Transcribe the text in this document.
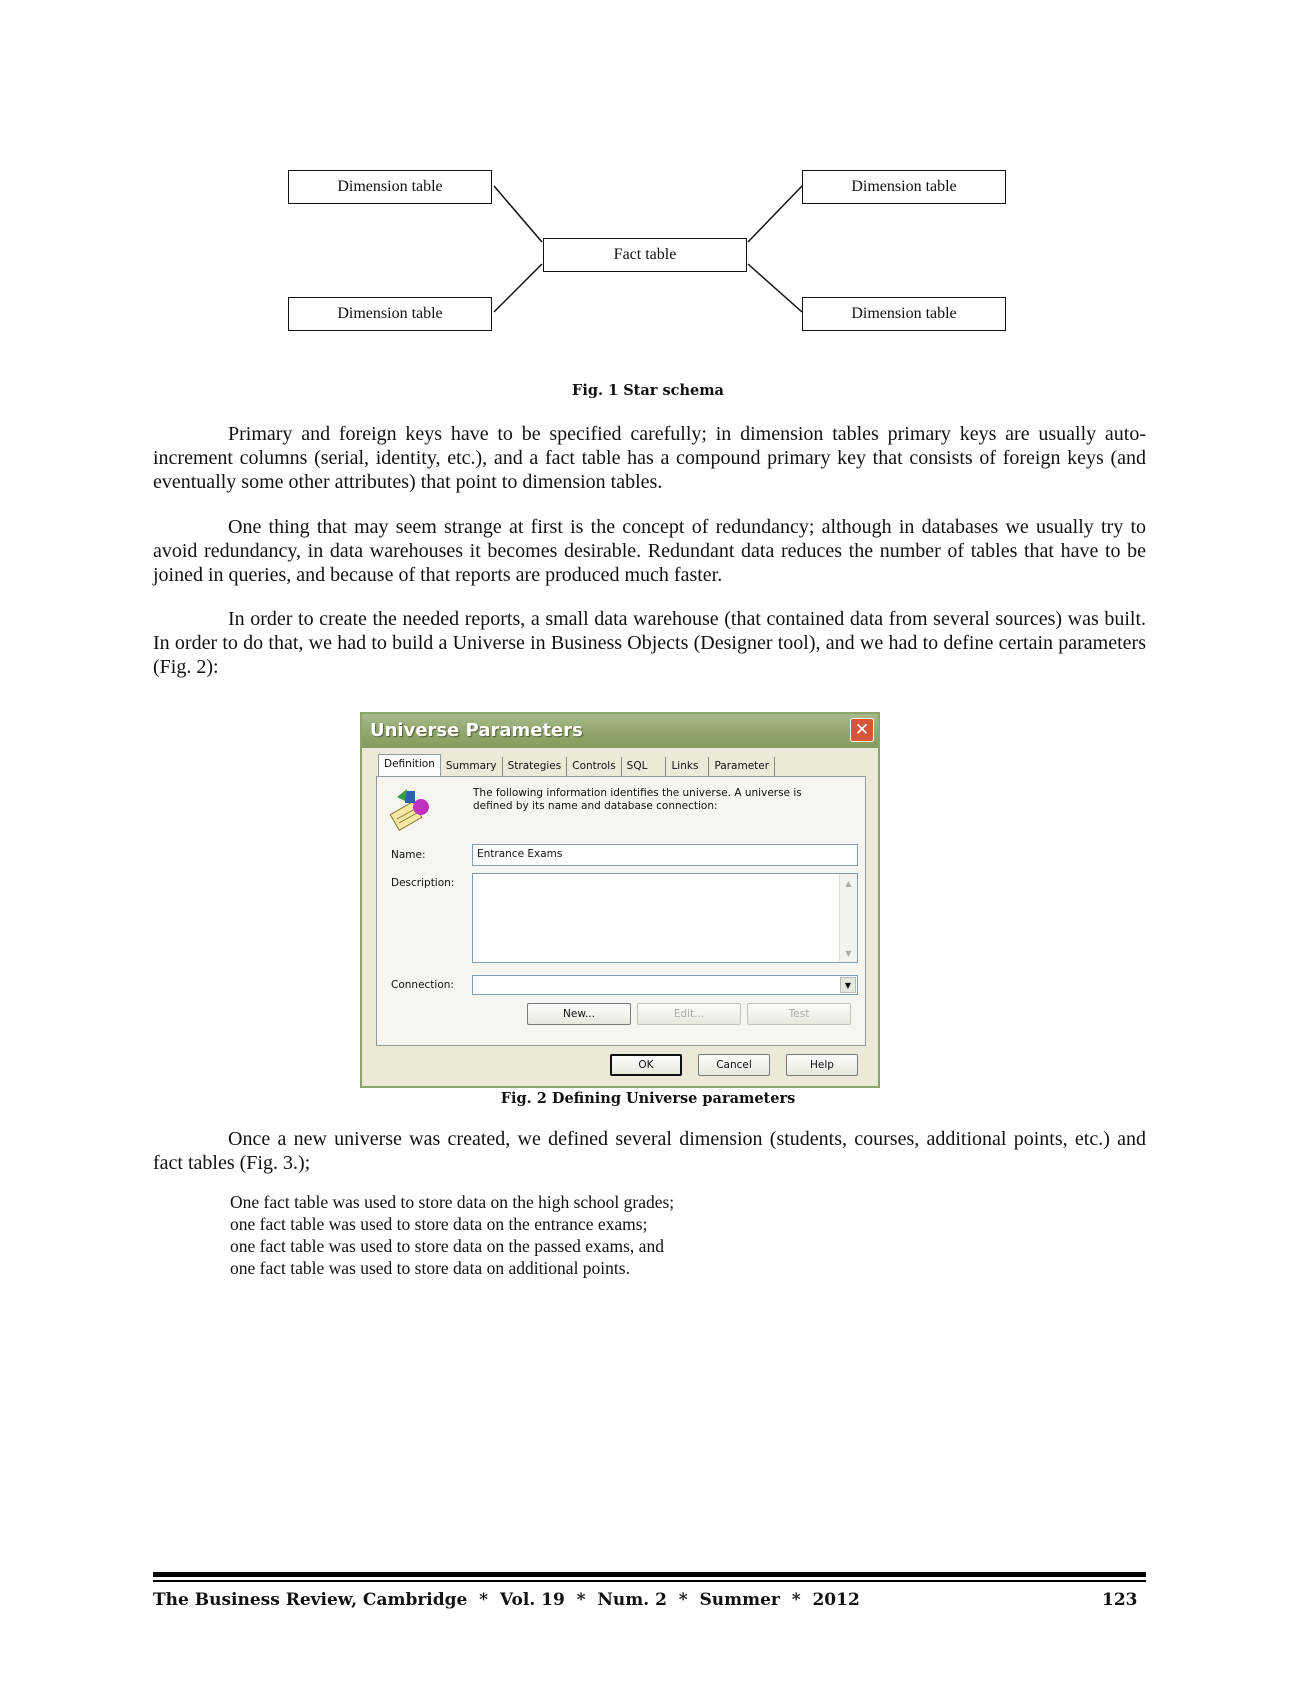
Dimension table	Dimension table
Fact table
Dimension table	Dimension table
Fig. 1 Star schema

Primary and foreign keys have to be specified carefully; in dimension tables primary keys are usually auto-increment columns (serial, identity, etc.), and a fact table has a compound primary key that consists of foreign keys (and eventually some other attributes) that point to dimension tables.

One thing that may seem strange at first is the concept of redundancy; although in databases we usually try to avoid redundancy, in data warehouses it becomes desirable. Redundant data reduces the number of tables that have to be joined in queries, and because of that reports are produced much faster.

In order to create the needed reports, a small data warehouse (that contained data from several sources) was built. In order to do that, we had to build a Universe in Business Objects (Designer tool), and we had to define certain parameters (Fig. 2):

Universe Parameters	✕
Definition	Summary	Strategies	Controls	SQL	Links	Parameter
The following information identifies the universe. A universe is defined by its name and database connection:
Name:	Entrance Exams
Description:	▲
▼
Connection:	▼
New...	Edit...	Test
OK	Cancel	Help
Fig. 2 Defining Universe parameters

Once a new universe was created, we defined several dimension (students, courses, additional points, etc.) and fact tables (Fig. 3.);

One fact table was used to store data on the high school grades;
one fact table was used to store data on the entrance exams;
one fact table was used to store data on the passed exams, and
one fact table was used to store data on additional points.
The Business Review, Cambridge  *  Vol. 19  *  Num. 2  *  Summer  *  2012	123
